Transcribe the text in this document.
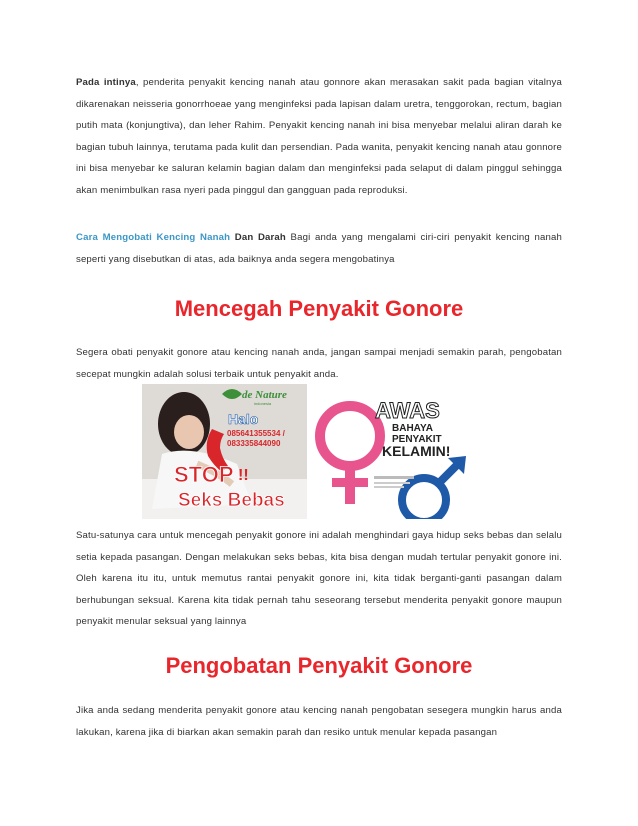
Pada intinya, penderita penyakit kencing nanah atau gonnore akan merasakan sakit pada bagian vitalnya dikarenakan neisseria gonorrhoeae yang menginfeksi pada lapisan dalam uretra, tenggorokan, rectum, bagian putih mata (konjungtiva), dan leher Rahim. Penyakit kencing nanah ini bisa menyebar melalui aliran darah ke bagian tubuh lainnya, terutama pada kulit dan persendian. Pada wanita, penyakit kencing nanah atau gonnore ini bisa menyebar ke saluran kelamin bagian dalam dan menginfeksi pada selaput di dalam pinggul sehingga akan menimbulkan rasa nyeri pada pinggul dan gangguan pada reproduksi.
Cara Mengobati Kencing Nanah Dan Darah Bagi anda yang mengalami ciri-ciri penyakit kencing nanah seperti yang disebutkan di atas, ada baiknya anda segera mengobatinya
Mencegah Penyakit Gonore
Segera obati penyakit gonore atau kencing nanah anda, jangan sampai menjadi semakin parah, pengobatan secepat mungkin adalah solusi terbaik untuk penyakit anda.
de Nature
indonesia
Halo
085641355534 /
083335844090
STOP !!
Seks Bebas
AWAS
BAHAYA
PENYAKIT
KELAMIN!
Satu-satunya cara untuk mencegah penyakit gonore ini adalah menghindari gaya hidup seks bebas dan selalu setia kepada pasangan. Dengan melakukan seks bebas, kita bisa dengan mudah tertular penyakit gonore ini. Oleh karena itu itu, untuk memutus rantai penyakit gonore ini, kita tidak berganti-ganti pasangan dalam berhubungan seksual. Karena kita tidak pernah tahu seseorang tersebut menderita penyakit gonore maupun penyakit menular seksual yang lainnya
Pengobatan Penyakit Gonore
Jika anda sedang menderita penyakit gonore atau kencing nanah pengobatan sesegera mungkin harus anda lakukan, karena jika di biarkan akan semakin parah dan resiko untuk menular kepada pasangan
